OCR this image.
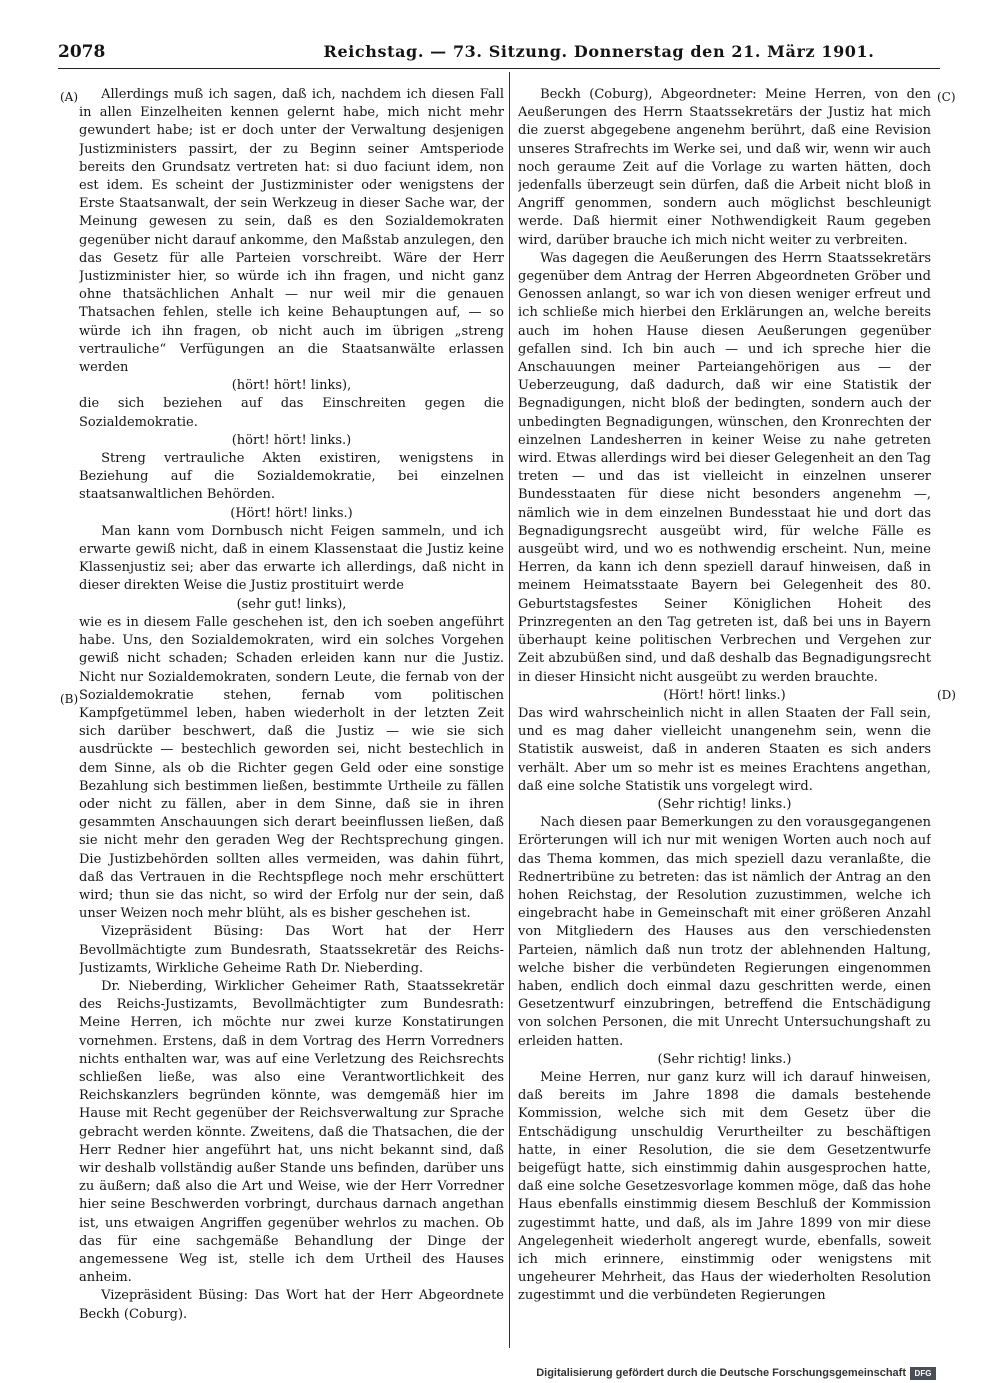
2078	Reichstag. — 73. Sitzung. Donnerstag den 21. März 1901.
(A)
(B)
(C)
(D)

Allerdings muß ich sagen, daß ich, nachdem ich diesen Fall in allen Einzelheiten kennen gelernt habe, mich nicht mehr gewundert habe; ist er doch unter der Verwaltung desjenigen Justizministers passirt, der zu Beginn seiner Amtsperiode bereits den Grundsatz vertreten hat: si duo faciunt idem, non est idem. Es scheint der Justizminister oder wenigstens der Erste Staatsanwalt, der sein Werkzeug in dieser Sache war, der Meinung gewesen zu sein, daß es den Sozialdemokraten gegenüber nicht darauf ankomme, den Maßstab anzulegen, den das Gesetz für alle Parteien vorschreibt. Wäre der Herr Justizminister hier, so würde ich ihn fragen, und nicht ganz ohne thatsächlichen Anhalt — nur weil mir die genauen Thatsachen fehlen, stelle ich keine Behauptungen auf, — so würde ich ihn fragen, ob nicht auch im übrigen „streng vertrauliche“ Verfügungen an die Staatsanwälte erlassen werden

(hört! hört! links),

die sich beziehen auf das Einschreiten gegen die Sozialdemokratie.

(hört! hört! links.)

Streng vertrauliche Akten existiren, wenigstens in Beziehung auf die Sozialdemokratie, bei einzelnen staatsanwaltlichen Behörden.

(Hört! hört! links.)

Man kann vom Dornbusch nicht Feigen sammeln, und ich erwarte gewiß nicht, daß in einem Klassenstaat die Justiz keine Klassenjustiz sei; aber das erwarte ich allerdings, daß nicht in dieser direkten Weise die Justiz prostituirt werde

(sehr gut! links),

wie es in diesem Falle geschehen ist, den ich soeben angeführt habe. Uns, den Sozialdemokraten, wird ein solches Vorgehen gewiß nicht schaden; Schaden erleiden kann nur die Justiz. Nicht nur Sozialdemokraten, sondern Leute, die fernab von der Sozialdemokratie stehen, fernab vom politischen Kampfgetümmel leben, haben wiederholt in der letzten Zeit sich darüber beschwert, daß die Justiz — wie sie sich ausdrückte — bestechlich geworden sei, nicht bestechlich in dem Sinne, als ob die Richter gegen Geld oder eine sonstige Bezahlung sich bestimmen ließen, bestimmte Urtheile zu fällen oder nicht zu fällen, aber in dem Sinne, daß sie in ihren gesammten Anschauungen sich derart beeinflussen ließen, daß sie nicht mehr den geraden Weg der Rechtsprechung gingen. Die Justizbehörden sollten alles vermeiden, was dahin führt, daß das Vertrauen in die Rechtspflege noch mehr erschüttert wird; thun sie das nicht, so wird der Erfolg nur der sein, daß unser Weizen noch mehr blüht, als es bisher geschehen ist.

Vizepräsident Büsing: Das Wort hat der Herr Bevollmächtigte zum Bundesrath, Staatssekretär des Reichs-Justizamts, Wirkliche Geheime Rath Dr. Nieberding.

Dr. Nieberding, Wirklicher Geheimer Rath, Staatssekretär des Reichs-Justizamts, Bevollmächtigter zum Bundesrath: Meine Herren, ich möchte nur zwei kurze Konstatirungen vornehmen. Erstens, daß in dem Vortrag des Herrn Vorredners nichts enthalten war, was auf eine Verletzung des Reichsrechts schließen ließe, was also eine Verantwortlichkeit des Reichskanzlers begründen könnte, was demgemäß hier im Hause mit Recht gegenüber der Reichsverwaltung zur Sprache gebracht werden könnte. Zweitens, daß die Thatsachen, die der Herr Redner hier angeführt hat, uns nicht bekannt sind, daß wir deshalb vollständig außer Stande uns befinden, darüber uns zu äußern; daß also die Art und Weise, wie der Herr Vorredner hier seine Beschwerden vorbringt, durchaus darnach angethan ist, uns etwaigen Angriffen gegenüber wehrlos zu machen. Ob das für eine sachgemäße Behandlung der Dinge der angemessene Weg ist, stelle ich dem Urtheil des Hauses anheim.

Vizepräsident Büsing: Das Wort hat der Herr Abgeordnete Beckh (Coburg).

Beckh (Coburg), Abgeordneter: Meine Herren, von den Aeußerungen des Herrn Staatssekretärs der Justiz hat mich die zuerst abgegebene angenehm berührt, daß eine Revision unseres Strafrechts im Werke sei, und daß wir, wenn wir auch noch geraume Zeit auf die Vorlage zu warten hätten, doch jedenfalls überzeugt sein dürfen, daß die Arbeit nicht bloß in Angriff genommen, sondern auch möglichst beschleunigt werde. Daß hiermit einer Nothwendigkeit Raum gegeben wird, darüber brauche ich mich nicht weiter zu verbreiten.

Was dagegen die Aeußerungen des Herrn Staatssekretärs gegenüber dem Antrag der Herren Abgeordneten Gröber und Genossen anlangt, so war ich von diesen weniger erfreut und ich schließe mich hierbei den Erklärungen an, welche bereits auch im hohen Hause diesen Aeußerungen gegenüber gefallen sind. Ich bin auch — und ich spreche hier die Anschauungen meiner Parteiangehörigen aus — der Ueberzeugung, daß dadurch, daß wir eine Statistik der Begnadigungen, nicht bloß der bedingten, sondern auch der unbedingten Begnadigungen, wünschen, den Kronrechten der einzelnen Landesherren in keiner Weise zu nahe getreten wird. Etwas allerdings wird bei dieser Gelegenheit an den Tag treten — und das ist vielleicht in einzelnen unserer Bundesstaaten für diese nicht besonders angenehm —, nämlich wie in dem einzelnen Bundesstaat hie und dort das Begnadigungsrecht ausgeübt wird, für welche Fälle es ausgeübt wird, und wo es nothwendig erscheint. Nun, meine Herren, da kann ich denn speziell darauf hinweisen, daß in meinem Heimatsstaate Bayern bei Gelegenheit des 80. Geburtstagsfestes Seiner Königlichen Hoheit des Prinzregenten an den Tag getreten ist, daß bei uns in Bayern überhaupt keine politischen Verbrechen und Vergehen zur Zeit abzubüßen sind, und daß deshalb das Begnadigungsrecht in dieser Hinsicht nicht ausgeübt zu werden brauchte.

(Hört! hört! links.)

Das wird wahrscheinlich nicht in allen Staaten der Fall sein, und es mag daher vielleicht unangenehm sein, wenn die Statistik ausweist, daß in anderen Staaten es sich anders verhält. Aber um so mehr ist es meines Erachtens angethan, daß eine solche Statistik uns vorgelegt wird.

(Sehr richtig! links.)

Nach diesen paar Bemerkungen zu den vorausgegangenen Erörterungen will ich nur mit wenigen Worten auch noch auf das Thema kommen, das mich speziell dazu veranlaßte, die Rednertribüne zu betreten: das ist nämlich der Antrag an den hohen Reichstag, der Resolution zuzustimmen, welche ich eingebracht habe in Gemeinschaft mit einer größeren Anzahl von Mitgliedern des Hauses aus den verschiedensten Parteien, nämlich daß nun trotz der ablehnenden Haltung, welche bisher die verbündeten Regierungen eingenommen haben, endlich doch einmal dazu geschritten werde, einen Gesetzentwurf einzubringen, betreffend die Entschädigung von solchen Personen, die mit Unrecht Untersuchungshaft zu erleiden hatten.

(Sehr richtig! links.)

Meine Herren, nur ganz kurz will ich darauf hinweisen, daß bereits im Jahre 1898 die damals bestehende Kommission, welche sich mit dem Gesetz über die Entschädigung unschuldig Verurtheilter zu beschäftigen hatte, in einer Resolution, die sie dem Gesetzentwurfe beigefügt hatte, sich einstimmig dahin ausgesprochen hatte, daß eine solche Gesetzesvorlage kommen möge, daß das hohe Haus ebenfalls einstimmig diesem Beschluß der Kommission zugestimmt hatte, und daß, als im Jahre 1899 von mir diese Angelegenheit wiederholt angeregt wurde, ebenfalls, soweit ich mich erinnere, einstimmig oder wenigstens mit ungeheurer Mehrheit, das Haus der wiederholten Resolution zugestimmt und die verbündeten Regierungen

Digitalisierung gefördert durch die Deutsche Forschungsgemeinschaft	DFG
